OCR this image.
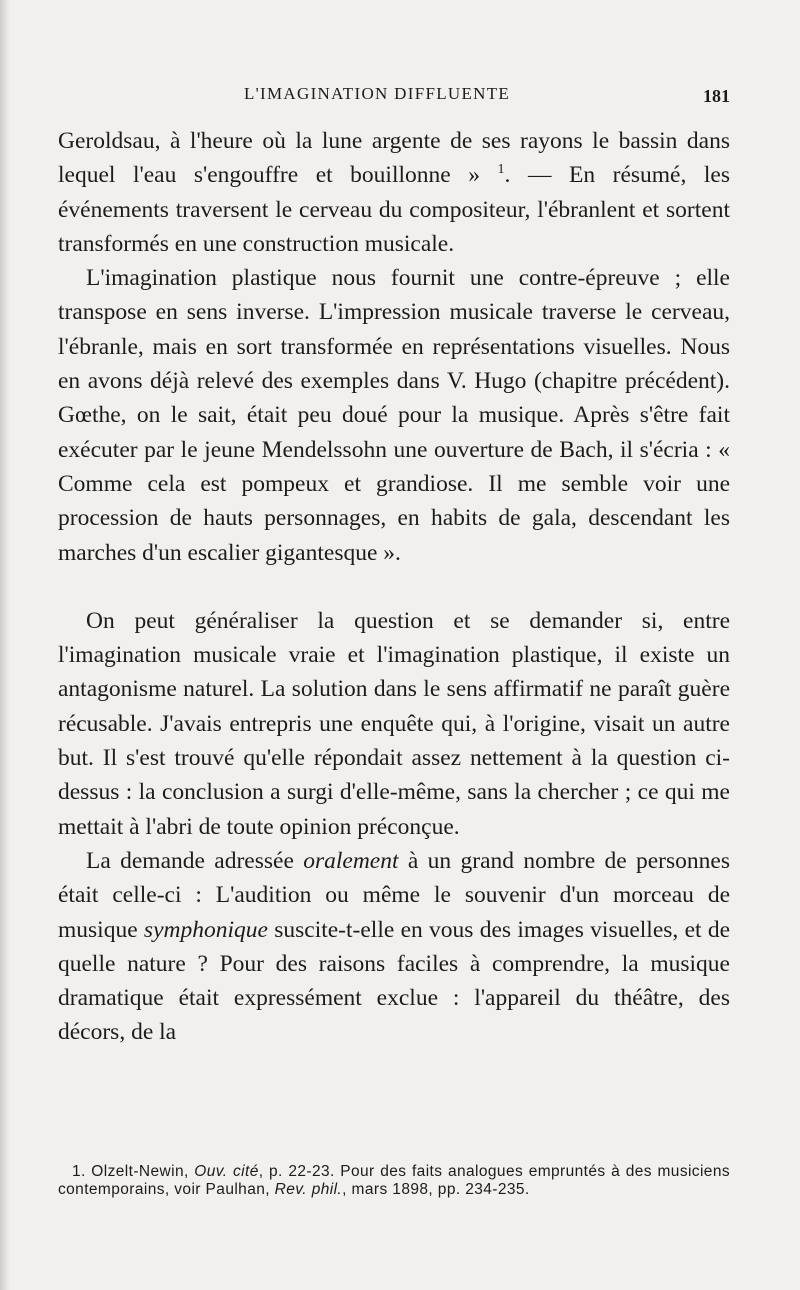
L'IMAGINATION DIFFLUENTE	181

Geroldsau, à l'heure où la lune argente de ses rayons le bassin dans lequel l'eau s'engouffre et bouillonne » $^1$. — En résumé, les événements traversent le cerveau du compositeur, l'ébranlent et sortent transformés en une construction musicale.

L'imagination plastique nous fournit une contre-épreuve ; elle transpose en sens inverse. L'impression musicale traverse le cerveau, l'ébranle, mais en sort transformée en représentations visuelles. Nous en avons déjà relevé des exemples dans V. Hugo (chapitre précédent). Gœthe, on le sait, était peu doué pour la musique. Après s'être fait exécuter par le jeune Mendelssohn une ouverture de Bach, il s'écria : « Comme cela est pompeux et grandiose. Il me semble voir une procession de hauts personnages, en habits de gala, descendant les marches d'un escalier gigantesque ».

On peut généraliser la question et se demander si, entre l'imagination musicale vraie et l'imagination plastique, il existe un antagonisme naturel. La solution dans le sens affirmatif ne paraît guère récusable. J'avais entrepris une enquête qui, à l'origine, visait un autre but. Il s'est trouvé qu'elle répondait assez nettement à la question ci-dessus : la conclusion a surgi d'elle-même, sans la chercher ; ce qui me mettait à l'abri de toute opinion préconçue.

La demande adressée oralement à un grand nombre de personnes était celle-ci : L'audition ou même le souvenir d'un morceau de musique symphonique suscite-t-elle en vous des images visuelles, et de quelle nature ? Pour des raisons faciles à comprendre, la musique dramatique était expressément exclue : l'appareil du théâtre, des décors, de la

1. Olzelt-Newin, Ouv. cité, p. 22-23. Pour des faits analogues empruntés à des musiciens contemporains, voir Paulhan, Rev. phil., mars 1898, pp. 234-235.
